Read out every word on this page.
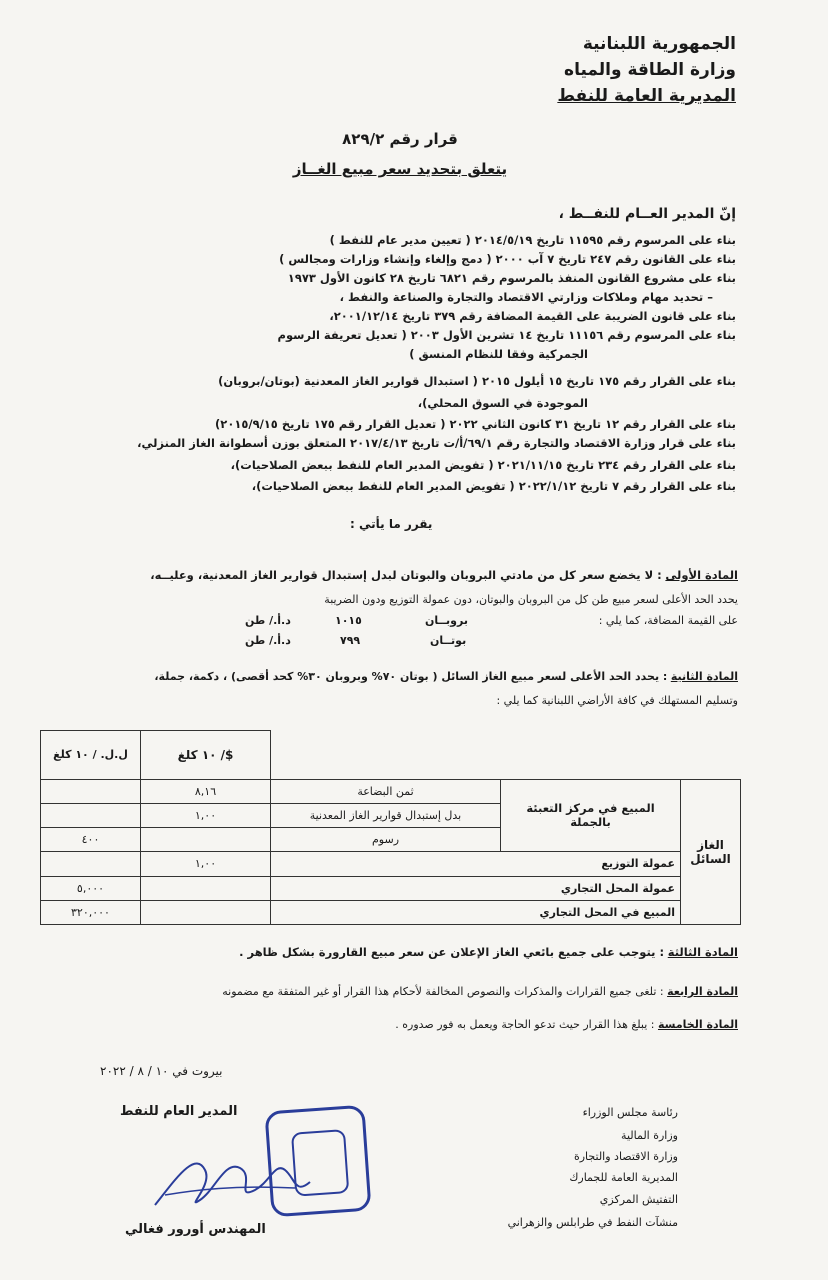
الجمهورية اللبنانية
وزارة الطاقة والمياه
المديرية العامة للنفط
قرار رقم ٨٢٩/٢
يتعلق بتحديد سعر مبيع الغــاز
إنّ المدير العــام للنفــط ،
بناء على المرسوم رقم ١١٥٩٥ تاريخ ٢٠١٤/٥/١٩ ( تعيين مدير عام للنفط )
بناء على القانون رقم ٢٤٧ تاريخ ٧ آب ٢٠٠٠ ( دمج وإلغاء وإنشاء وزارات ومجالس )
بناء على مشروع القانون المنفذ بالمرسوم رقم ٦٨٢١ تاريخ ٢٨ كانون الأول ١٩٧٣
– تحديد مهام وملاكات وزارتي الاقتصاد والتجارة والصناعة والنفط ،
بناء على قانون الضريبة على القيمة المضافة رقم ٣٧٩ تاريخ ٢٠٠١/١٢/١٤،
بناء على المرسوم رقم ١١١٥٦ تاريخ ١٤ تشرين الأول ٢٠٠٣ ( تعديل تعريفة الرسوم
الجمركية وفقا للنظام المنسق )
بناء على القرار رقم ١٧٥ تاريخ ١٥ أيلول ٢٠١٥ ( استبدال قوارير الغاز المعدنية (بوتان/بروبان)
الموجودة في السوق المحلي)،
بناء على القرار رقم ١٢ تاريخ ٣١ كانون الثاني ٢٠٢٢ ( تعديل القرار رقم ١٧٥ تاريخ ٢٠١٥/٩/١٥)
بناء على قرار وزارة الاقتصاد والتجارة رقم ٦٩/١/أ/ت تاريخ ٢٠١٧/٤/١٣ المتعلق بوزن أسطوانة الغاز المنزلي،
بناء على القرار رقم ٢٣٤ تاريخ ٢٠٢١/١١/١٥ ( تفويض المدير العام للنفط ببعض الصلاحيات)،
بناء على القرار رقم ٧ تاريخ ٢٠٢٢/١/١٢ ( تفويض المدير العام للنفط ببعض الصلاحيات)،
يقرر ما يأتي :
المادة الأولى : لا يخضع سعر كل من مادتي البروبان والبوتان لبدل إستبدال قوارير الغاز المعدنية، وعليــه،
يحدد الحد الأعلى لسعر مبيع طن كل من البروبان والبوتان، دون عمولة التوزيع ودون الضريبة
على القيمة المضافة، كما يلي :
بروبــان
١٠١٥
د.أ./ طن
بوتــان
٧٩٩
د.أ./ طن
المادة الثانية : يحدد الحد الأعلى لسعر مبيع الغاز السائل ( بوتان ٧٠% وبروبان ٣٠% كحد أقصى) ، دكمة، جملة،
وتسليم المستهلك في كافة الأراضي اللبنانية كما يلي :
			$/ ١٠ كلغ	ل.ل. / ١٠ كلغ
الغاز السائل	المبيع في مركز التعبئة بالجملة	ثمن البضاعة	٨,١٦	
		بدل إستبدال قوارير الغاز المعدنية	١,٠٠	
		رسوم		٤٠٠
	عمولة التوزيع		١,٠٠	
	عمولة المحل التجاري			٥,٠٠٠
	المبيع في المحل التجاري			٣٢٠,٠٠٠
المادة الثالثة : يتوجب على جميع بائعي الغاز الإعلان عن سعر مبيع القارورة بشكل ظاهر .
المادة الرابعة : تلغى جميع القرارات والمذكرات والنصوص المخالفة لأحكام هذا القرار أو غير المتفقة مع مضمونه
المادة الخامسة : يبلغ هذا القرار حيث تدعو الحاجة ويعمل به فور صدوره .
بيروت في ١٠ / ٨ / ٢٠٢٢
المدير العام للنفط
المهندس أورور فغالي
رئاسة مجلس الوزراء
وزارة المالية
وزارة الاقتصاد والتجارة
المديرية العامة للجمارك
التفتيش المركزي
منشآت النفط في طرابلس والزهراني
